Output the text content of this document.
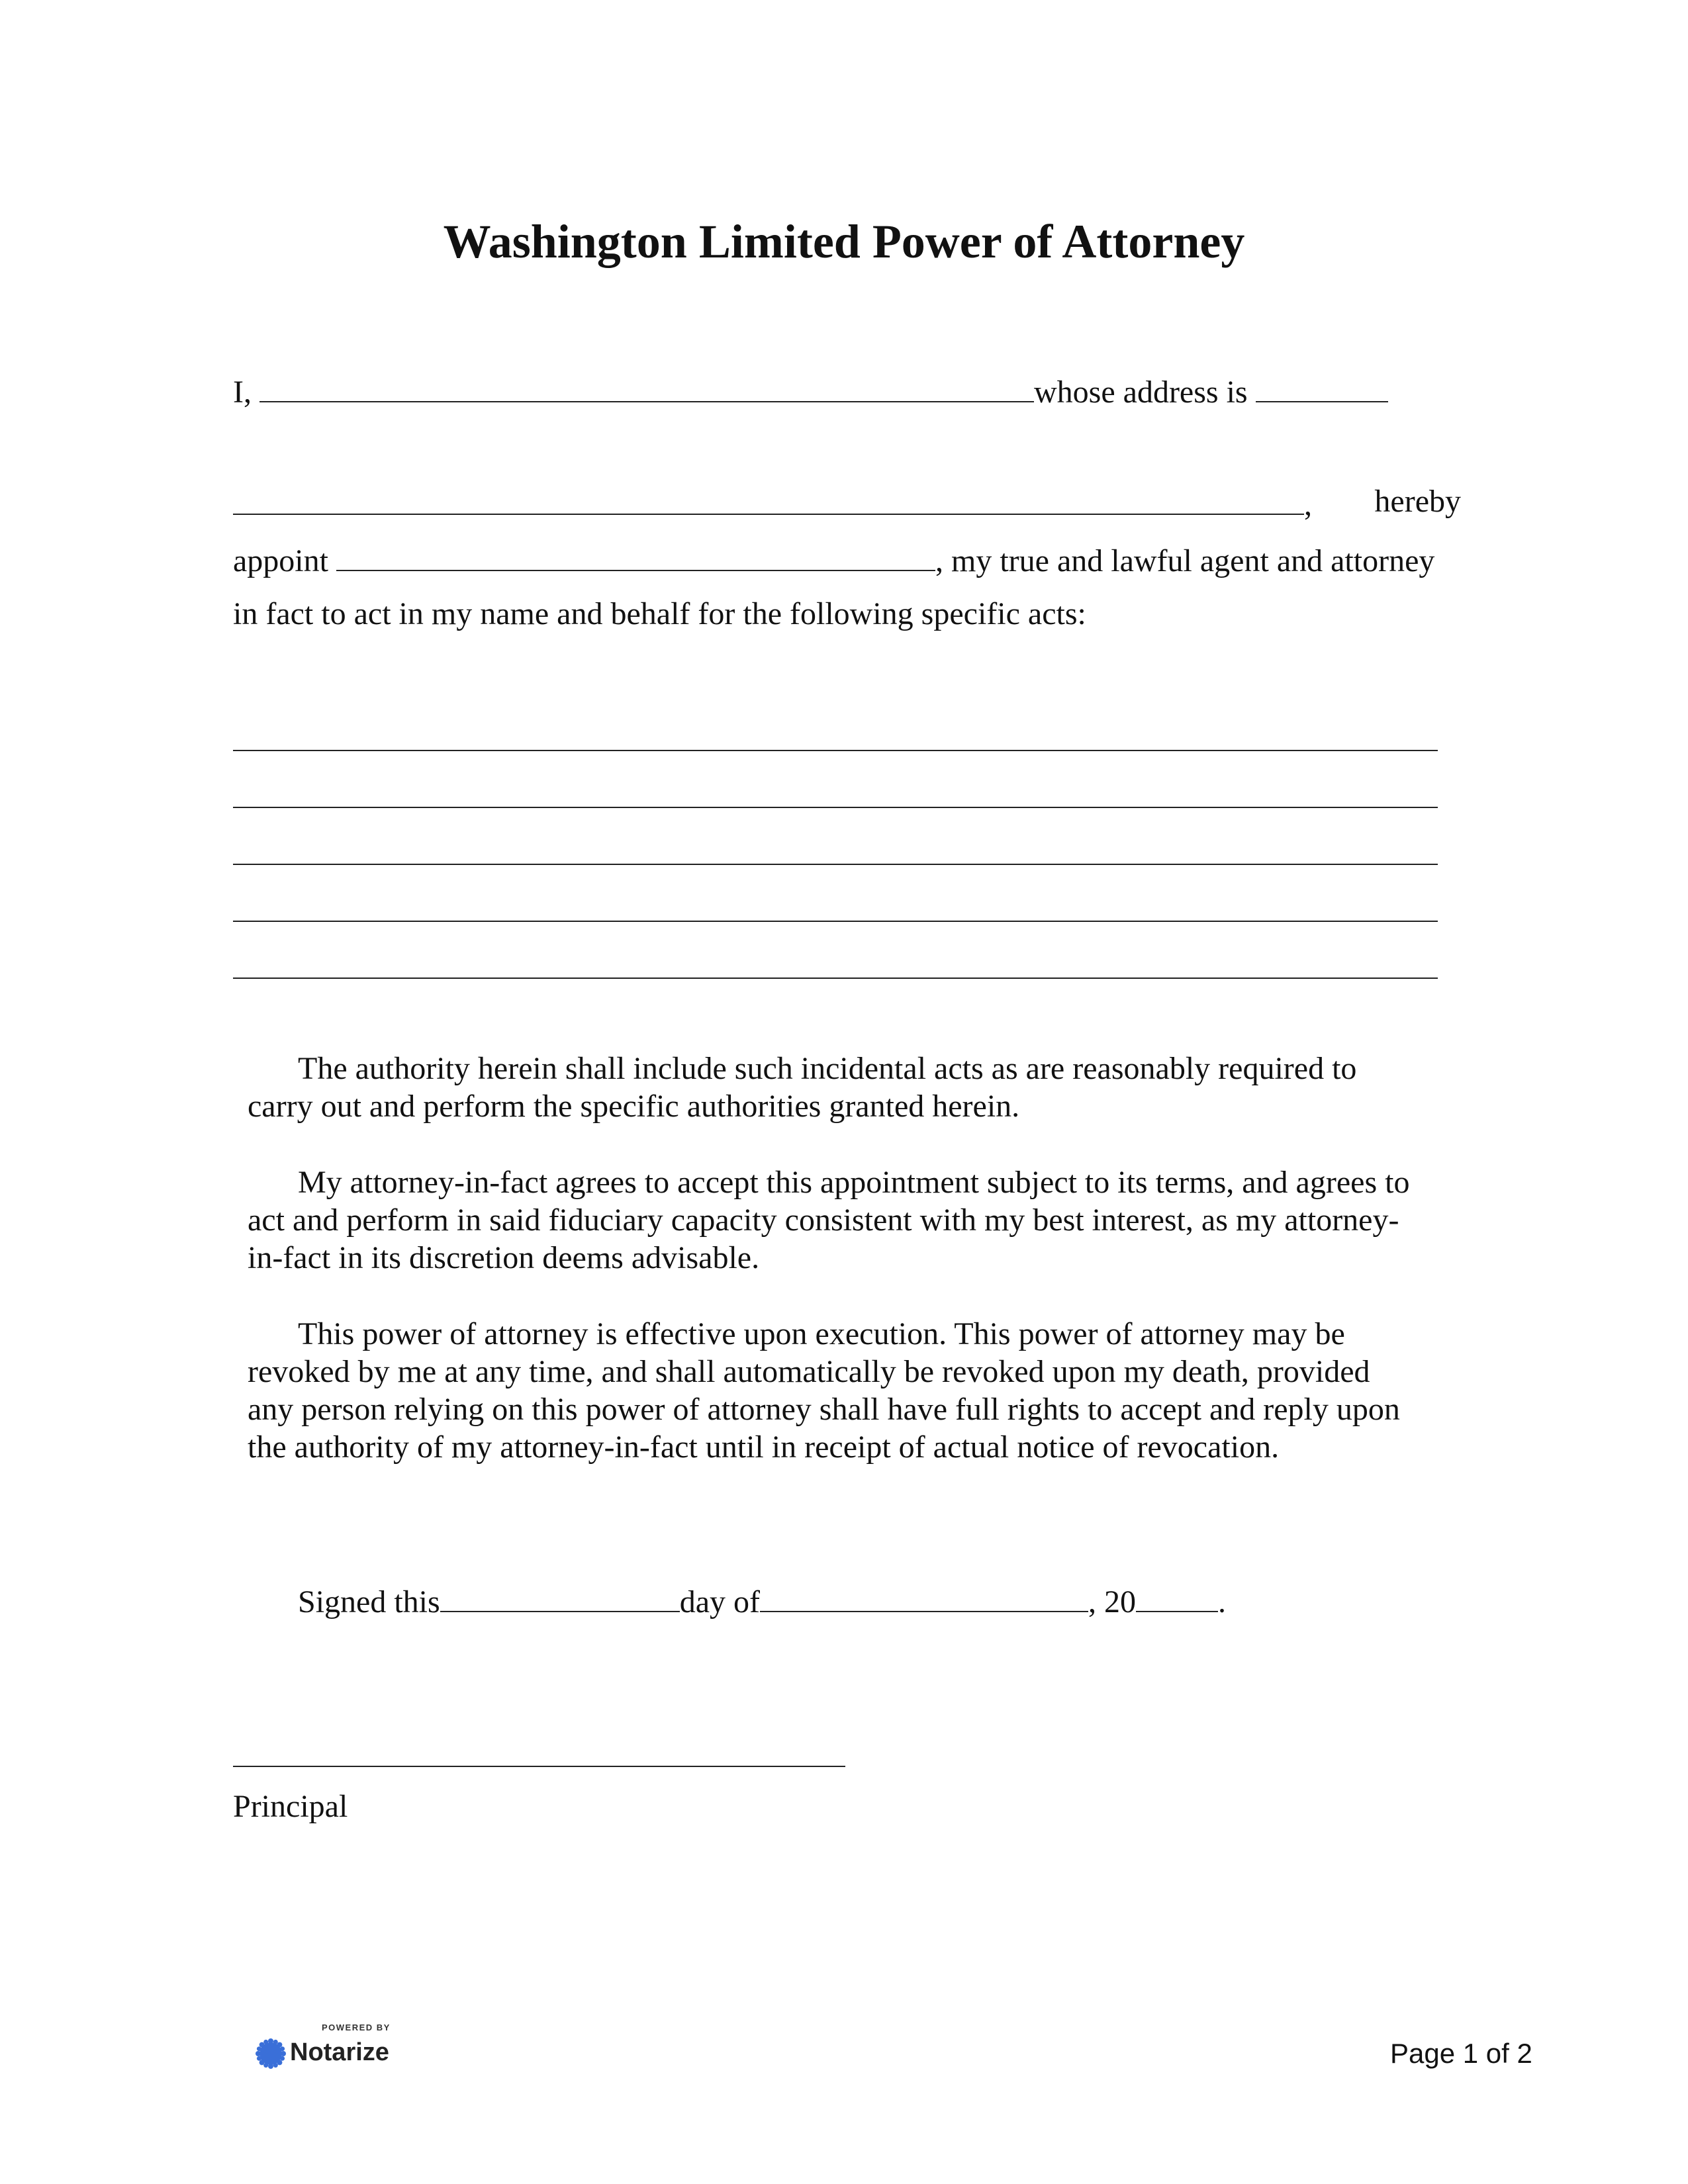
Washington Limited Power of Attorney
I,	whose address is
, hereby
appoint	, my true and lawful agent and attorney
in fact to act in my name and behalf for the following specific acts:
The authority herein shall include such incidental acts as are reasonably required to carry out and perform the specific authorities granted herein.
My attorney-in-fact agrees to accept this appointment subject to its terms, and agrees to act and perform in said fiduciary capacity consistent with my best interest, as my attorney-in-fact in its discretion deems advisable.
This power of attorney is effective upon execution. This power of attorney may be revoked by me at any time, and shall automatically be revoked upon my death, provided any person relying on this power of attorney shall have full rights to accept and reply upon the authority of my attorney-in-fact until in receipt of actual notice of revocation.
Signed this	day of	, 20	.
Principal
POWERED BY
Notarize	Page 1 of 2
